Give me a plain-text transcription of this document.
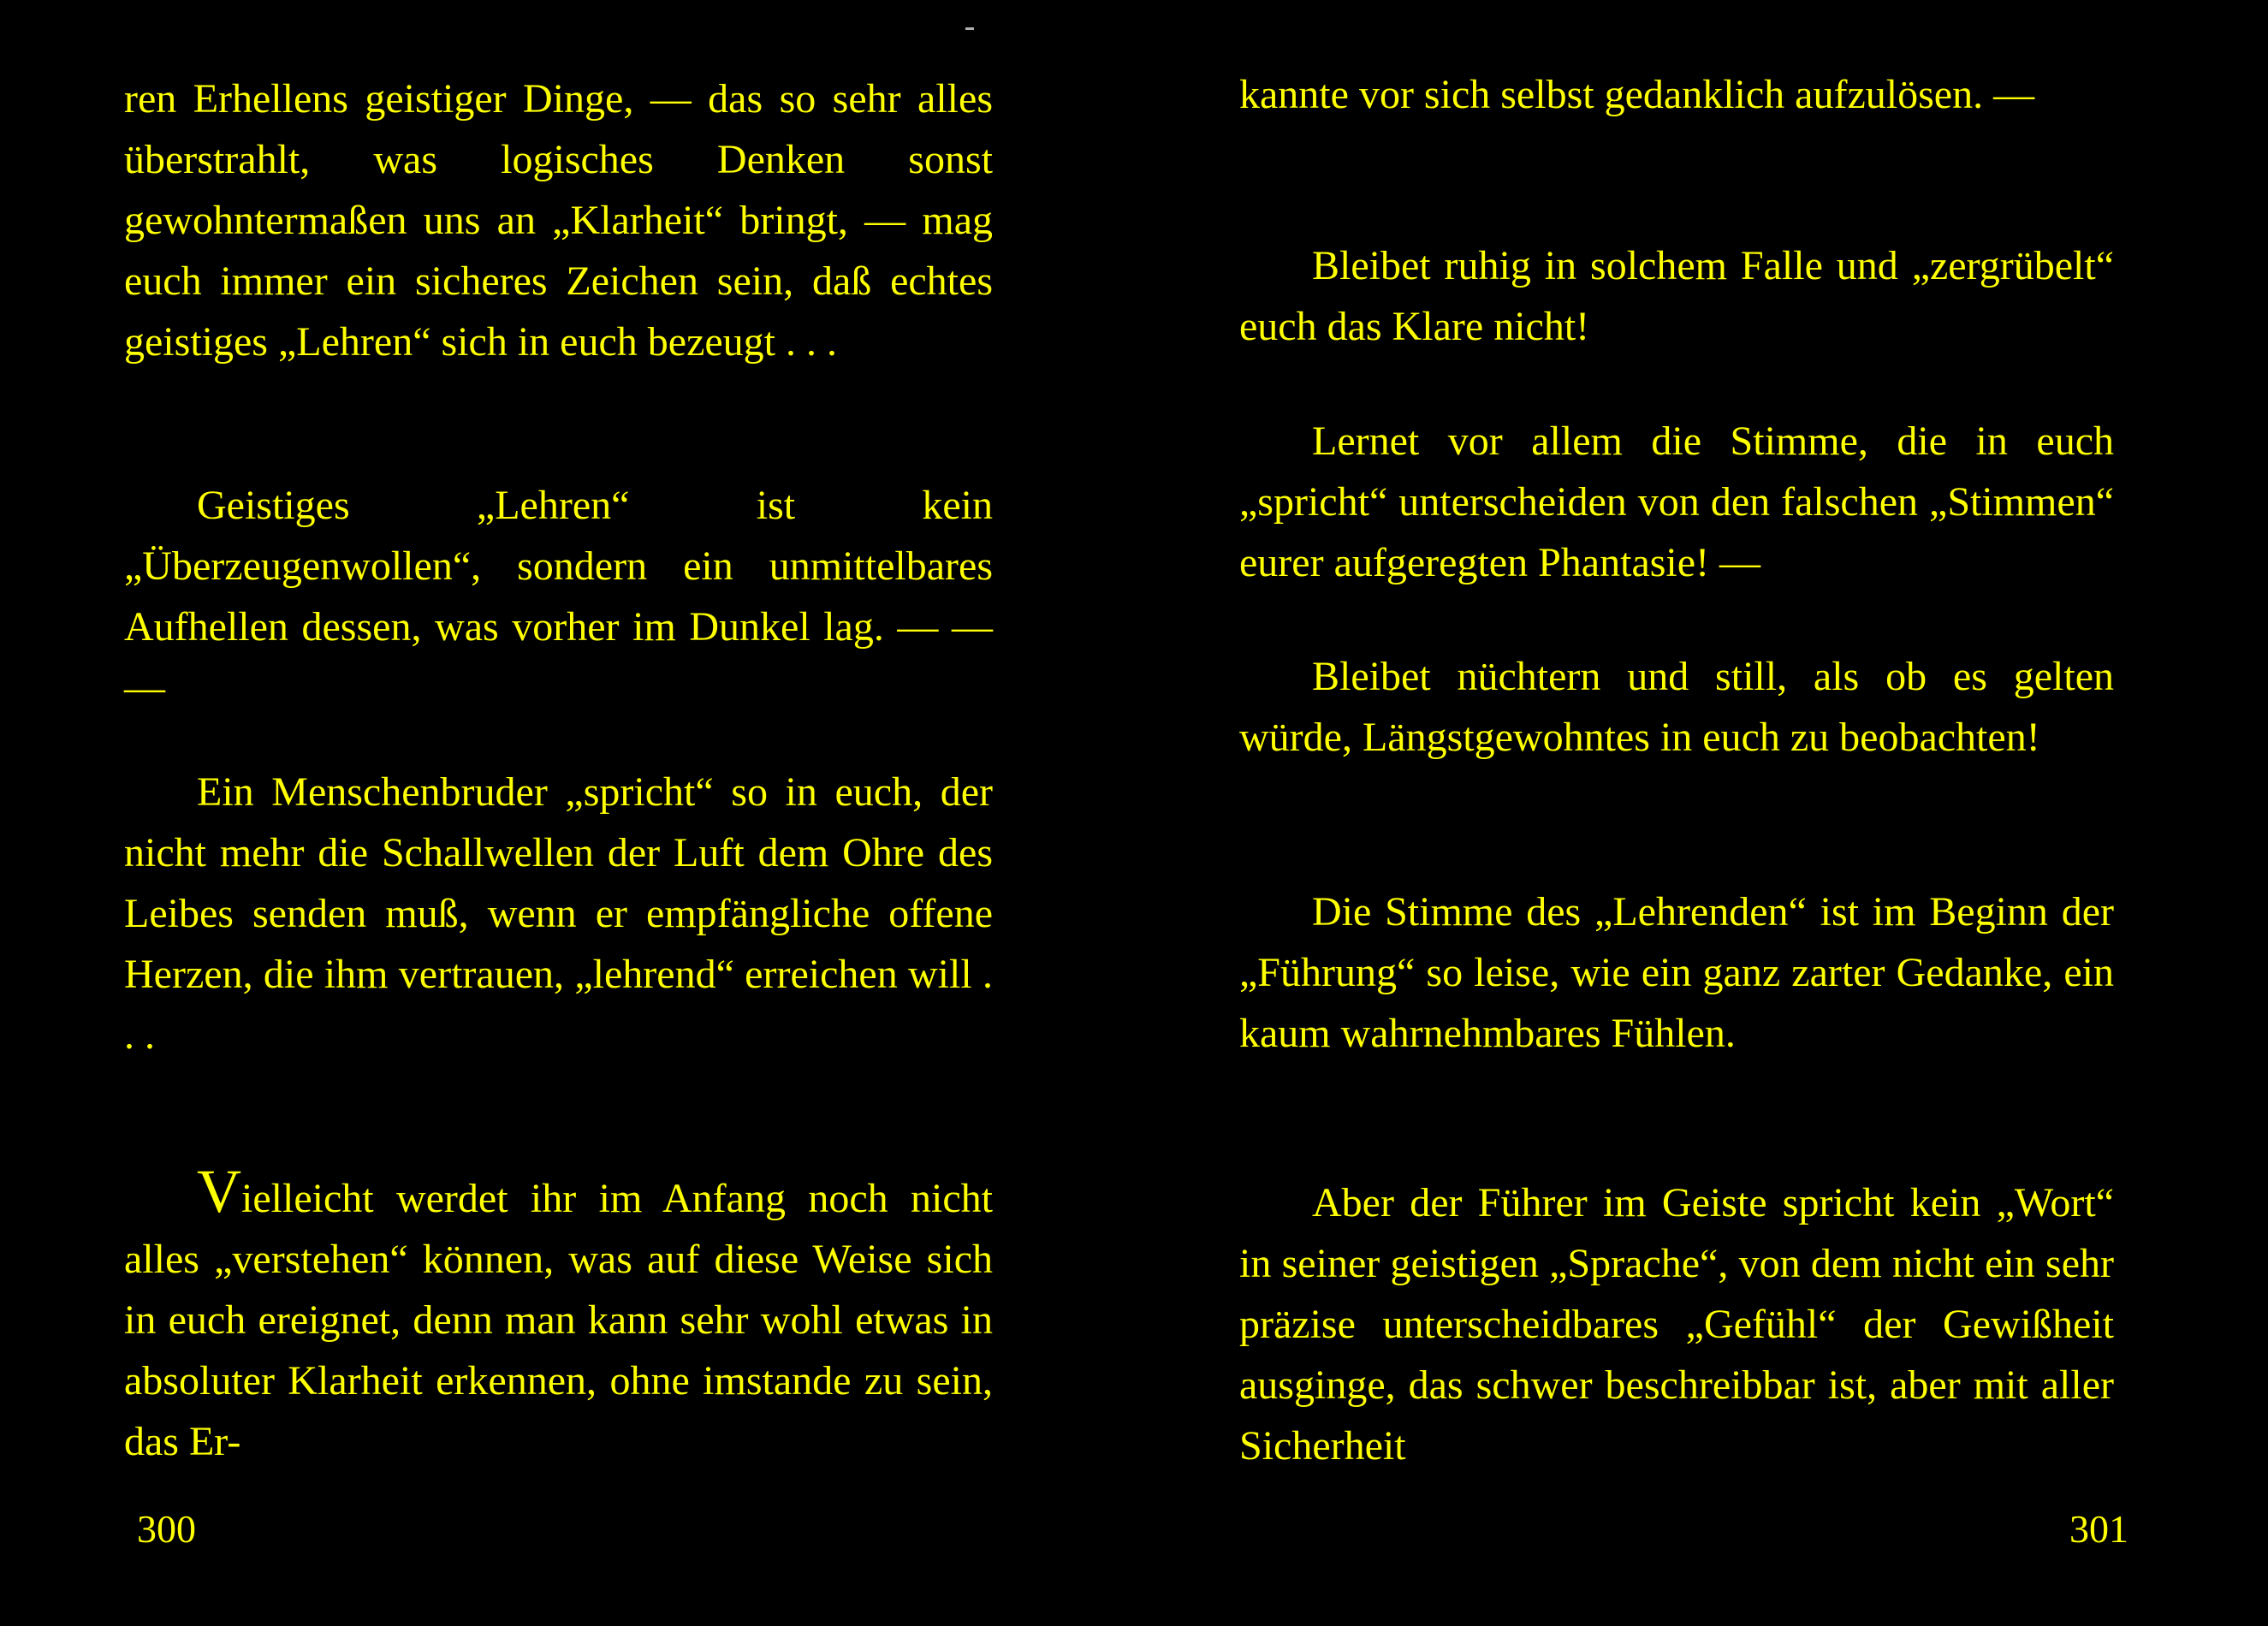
ren Erhellens geistiger Dinge, — das so sehr alles überstrahlt, was logisches Denken sonst gewohntermaßen uns an „Klarheit“ bringt, — mag euch immer ein sicheres Zeichen sein, daß echtes geistiges „Lehren“ sich in euch bezeugt . . .

Geistiges „Lehren“ ist kein „Überzeugenwollen“, sondern ein unmittelbares Aufhellen dessen, was vorher im Dunkel lag. — — —

Ein Menschenbruder „spricht“ so in euch, der nicht mehr die Schallwellen der Luft dem Ohre des Leibes senden muß, wenn er empfängliche offene Herzen, die ihm vertrauen, „lehrend“ erreichen will . . .

Vielleicht werdet ihr im Anfang noch nicht alles „verstehen“ können, was auf diese Weise sich in euch ereignet, denn man kann sehr wohl etwas in absoluter Klarheit erkennen, ohne imstande zu sein, das Er-

300

kannte vor sich selbst gedanklich aufzulösen. —

Bleibet ruhig in solchem Falle und „zergrübelt“ euch das Klare nicht!

Lernet vor allem die Stimme, die in euch „spricht“ unterscheiden von den falschen „Stimmen“ eurer aufgeregten Phantasie! —

Bleibet nüchtern und still, als ob es gelten würde, Längstgewohntes in euch zu beobachten!

Die Stimme des „Lehrenden“ ist im Beginn der „Führung“ so leise, wie ein ganz zarter Gedanke, ein kaum wahrnehmbares Fühlen.

Aber der Führer im Geiste spricht kein „Wort“ in seiner geistigen „Sprache“, von dem nicht ein sehr präzise unterscheidbares „Gefühl“ der Gewißheit ausginge, das schwer beschreibbar ist, aber mit aller Sicherheit

301
